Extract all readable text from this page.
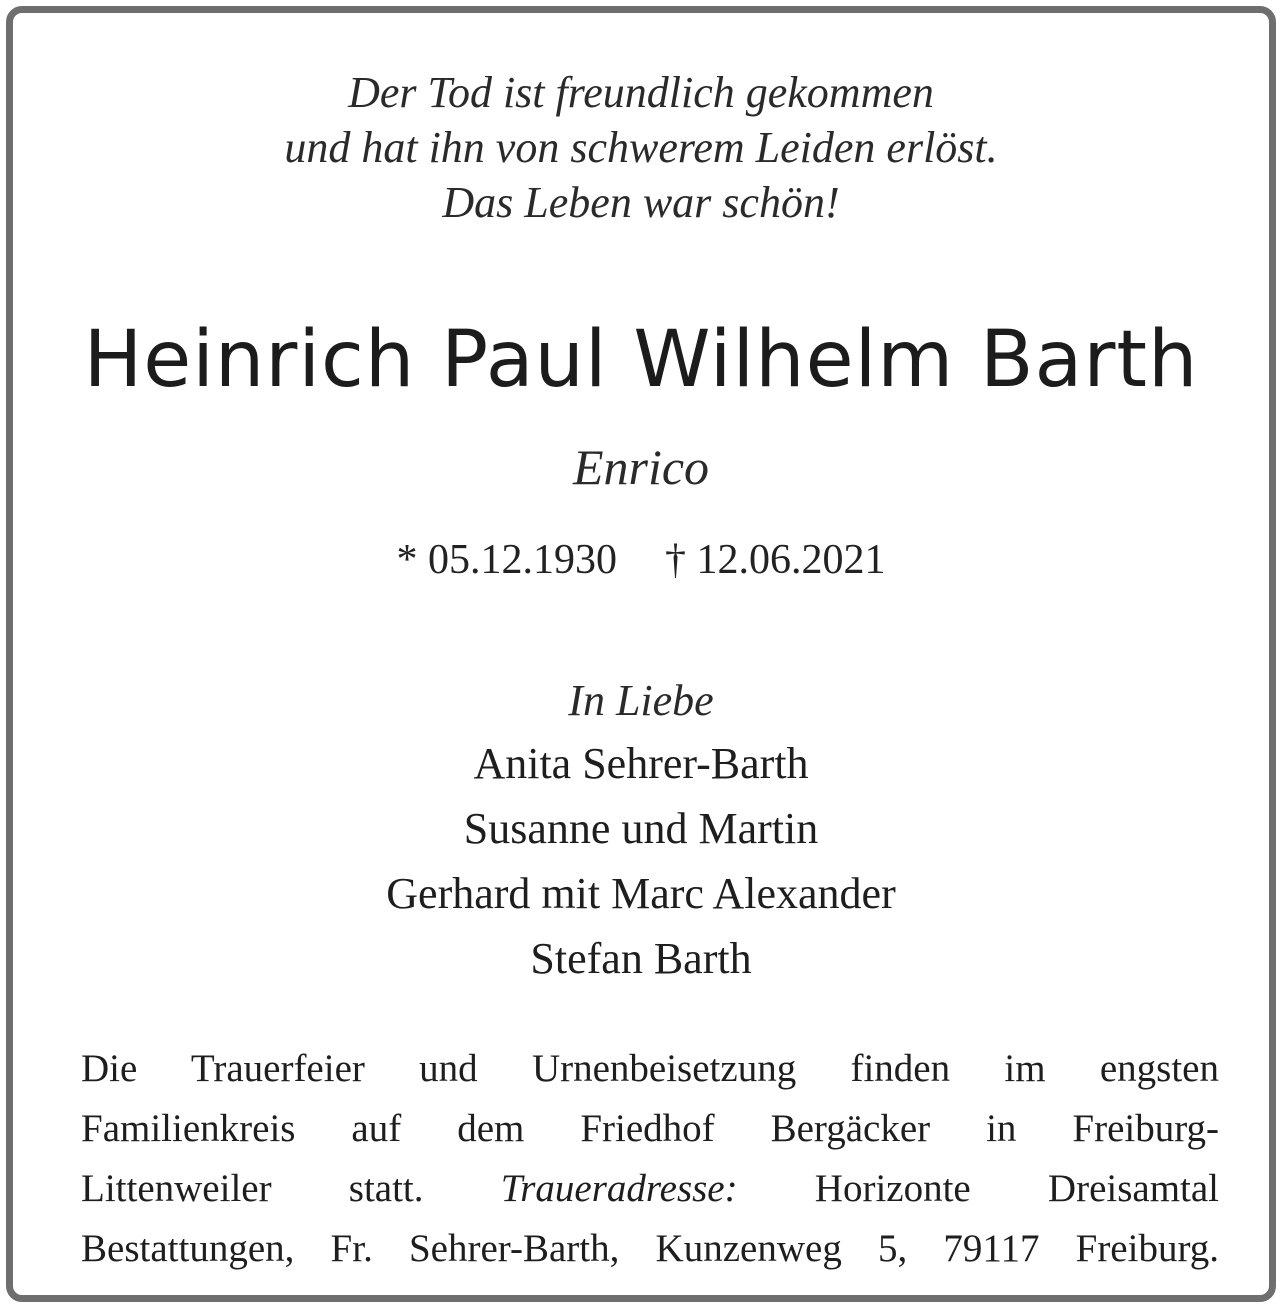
Der Tod ist freundlich gekommen
und hat ihn von schwerem Leiden erlöst.
Das Leben war schön!
Heinrich Paul Wilhelm Barth
Enrico
* 05.12.1930 † 12.06.2021
In Liebe
Anita Sehrer-Barth
Susanne und Martin
Gerhard mit Marc Alexander
Stefan Barth
Die Trauerfeier und Urnenbeisetzung finden im engsten
Familienkreis auf dem Friedhof Bergäcker in Freiburg-
Littenweiler statt. Traueradresse: Horizonte Dreisamtal
Bestattungen, Fr. Sehrer-Barth, Kunzenweg 5, 79117 Freiburg.
